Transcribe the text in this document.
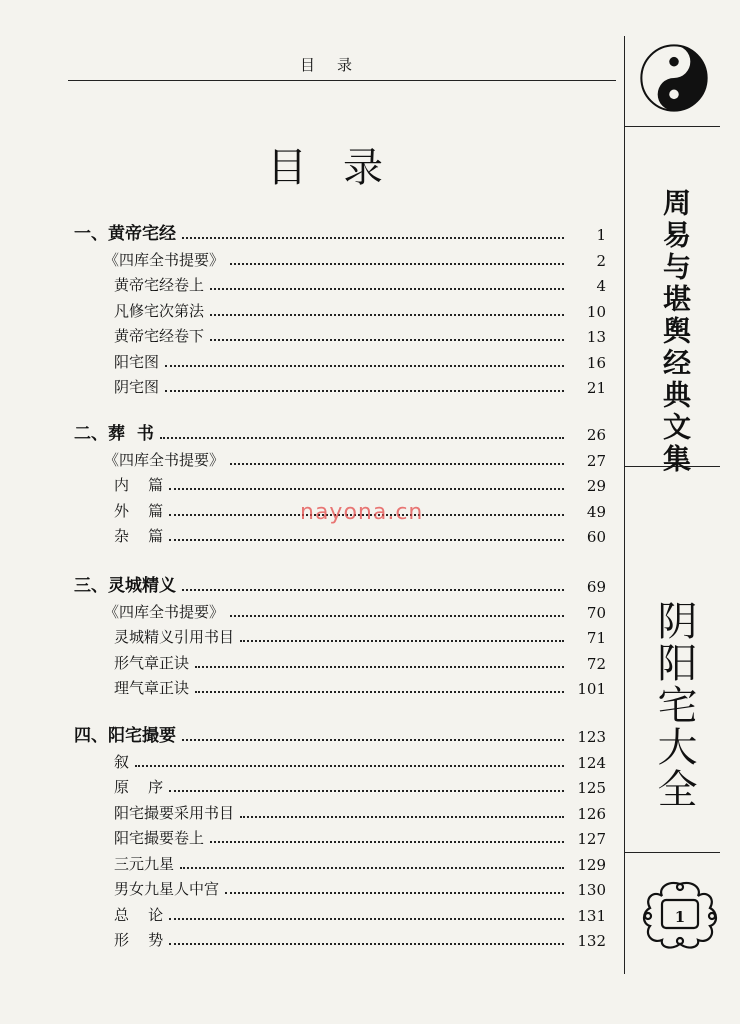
目录
目录
一、黄帝宅经	1
《四库全书提要》	2
黄帝宅经卷上	4
凡修宅次第法	10
黄帝宅经卷下	13
阳宅图	16
阴宅图	21
二、葬  书	26
《四库全书提要》	27
内    篇	29
外    篇	49
杂    篇	60
三、灵城精义	69
《四库全书提要》	70
灵城精义引用书目	71
形气章正诀	72
理气章正诀	101
四、阳宅撮要	123
叙	124
原    序	125
阳宅撮要采用书目	126
阳宅撮要卷上	127
三元九星	129
男女九星人中宫	130
总    论	131
形    势	132
周易与堪舆经典文集
阴阳宅大全
1
nayona.cn
